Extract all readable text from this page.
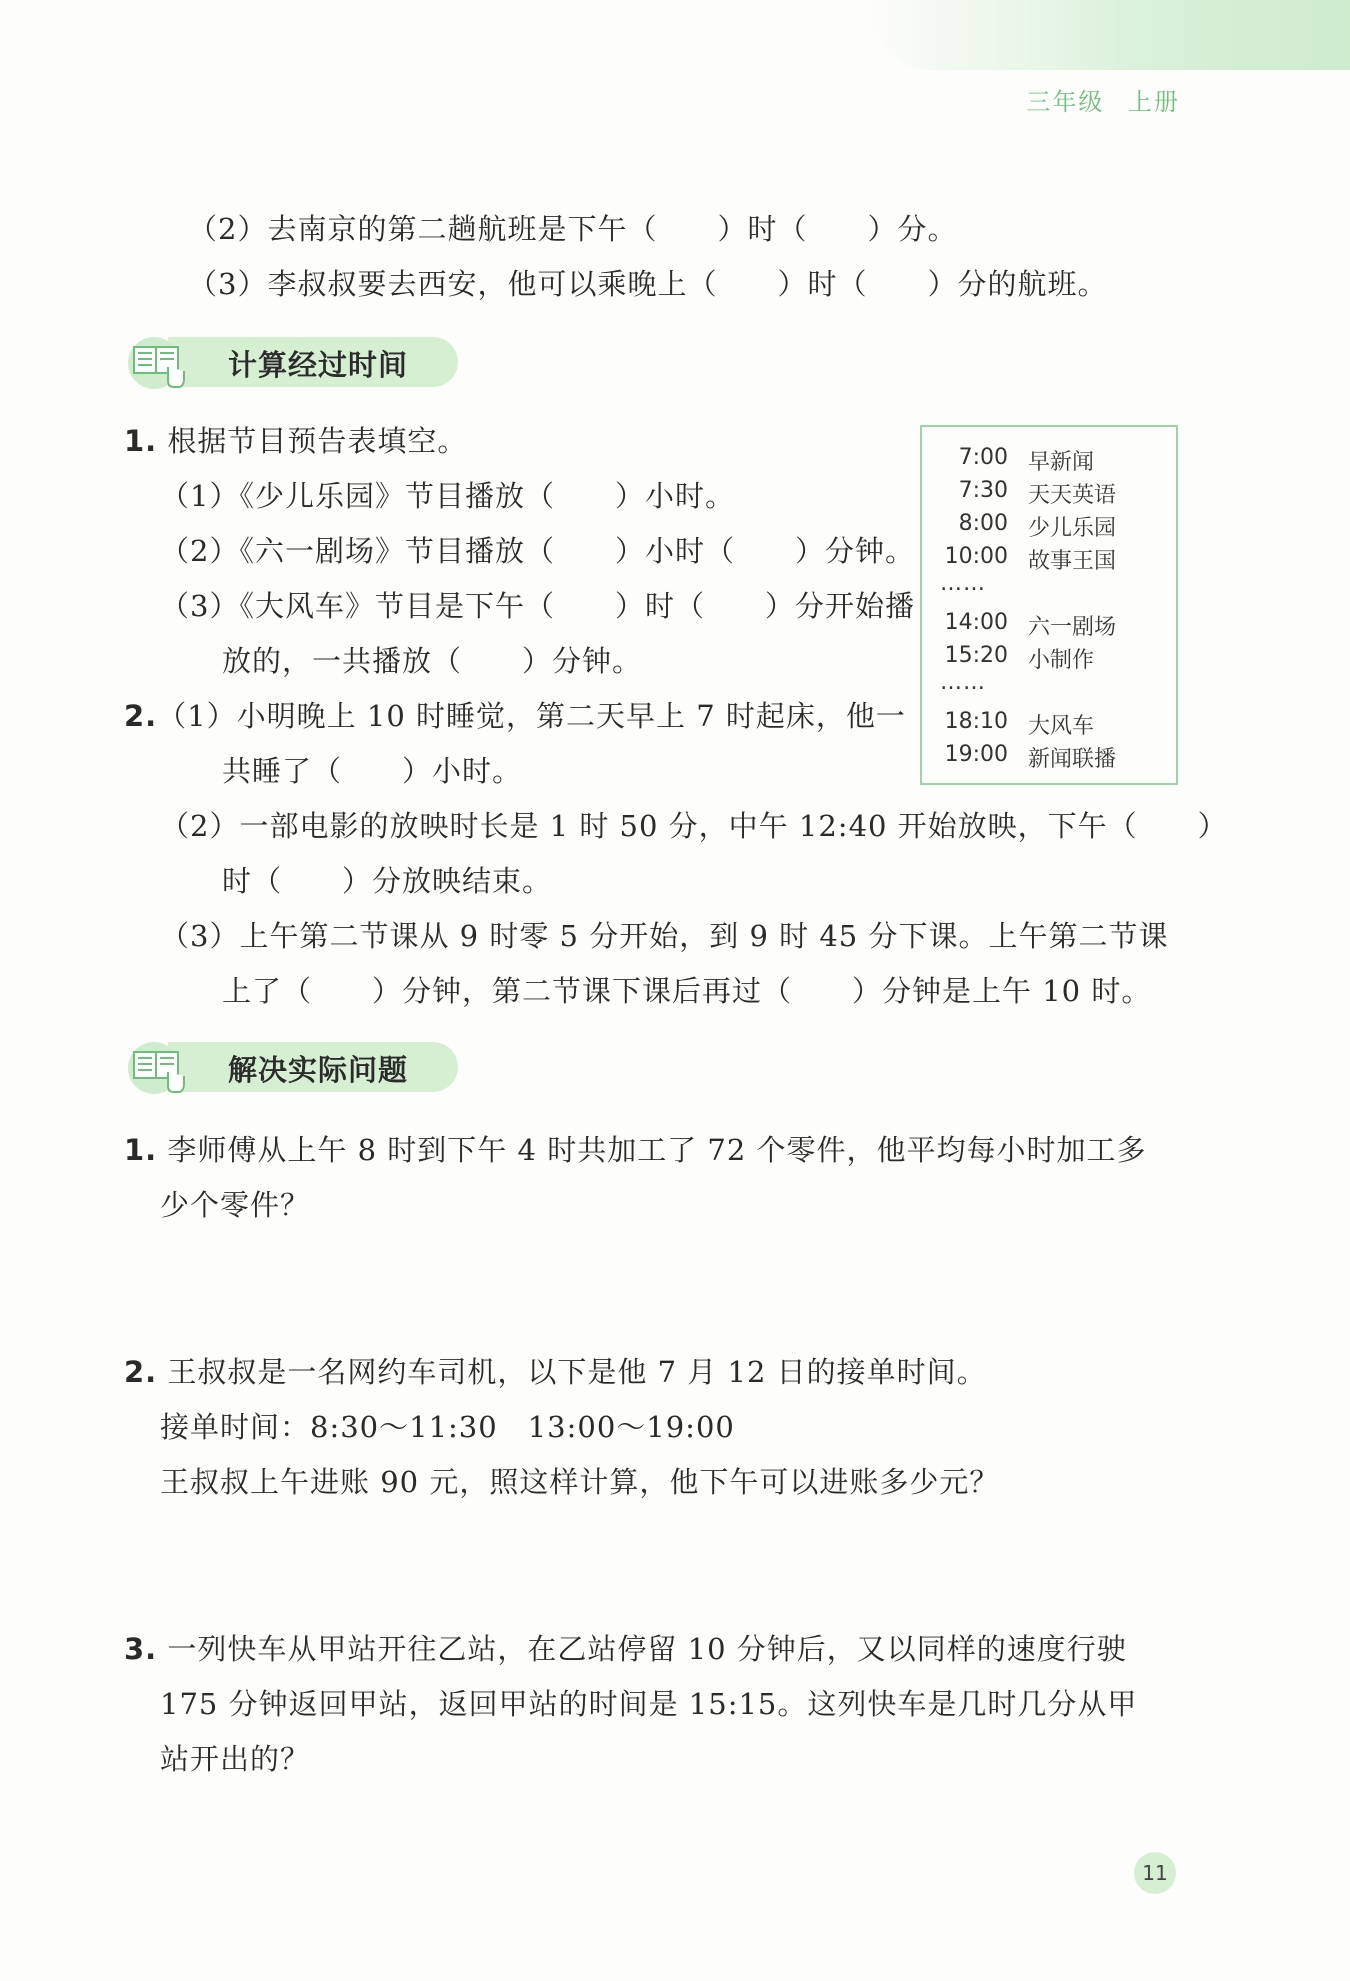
三年级 上册
（2）去南京的第二趟航班是下午（　　）时（　　）分。
（3）李叔叔要去西安，他可以乘晚上（　　）时（　　）分的航班。
计算经过时间
1. 根据节目预告表填空。
（1）《少儿乐园》节目播放（　　）小时。
（2）《六一剧场》节目播放（　　）小时（　　）分钟。
（3）《大风车》节目是下午（　　）时（　　）分开始播
放的，一共播放（　　）分钟。
7:00 早新闻
7:30 天天英语
8:00 少儿乐园
10:00 故事王国
……
14:00 六一剧场
15:20 小制作
……
18:10 大风车
19:00 新闻联播
2.（1）小明晚上 10 时睡觉，第二天早上 7 时起床，他一
共睡了（　　）小时。
（2）一部电影的放映时长是 1 时 50 分，中午 12:40 开始放映，下午（　　）
时（　　）分放映结束。
（3）上午第二节课从 9 时零 5 分开始，到 9 时 45 分下课。上午第二节课
上了（　　）分钟，第二节课下课后再过（　　）分钟是上午 10 时。
解决实际问题
1. 李师傅从上午 8 时到下午 4 时共加工了 72 个零件，他平均每小时加工多
少个零件？
2. 王叔叔是一名网约车司机，以下是他 7 月 12 日的接单时间。
接单时间：8:30～11:30　13:00～19:00
王叔叔上午进账 90 元，照这样计算，他下午可以进账多少元？
3. 一列快车从甲站开往乙站，在乙站停留 10 分钟后，又以同样的速度行驶
175 分钟返回甲站，返回甲站的时间是 15:15。这列快车是几时几分从甲
站开出的？
11
